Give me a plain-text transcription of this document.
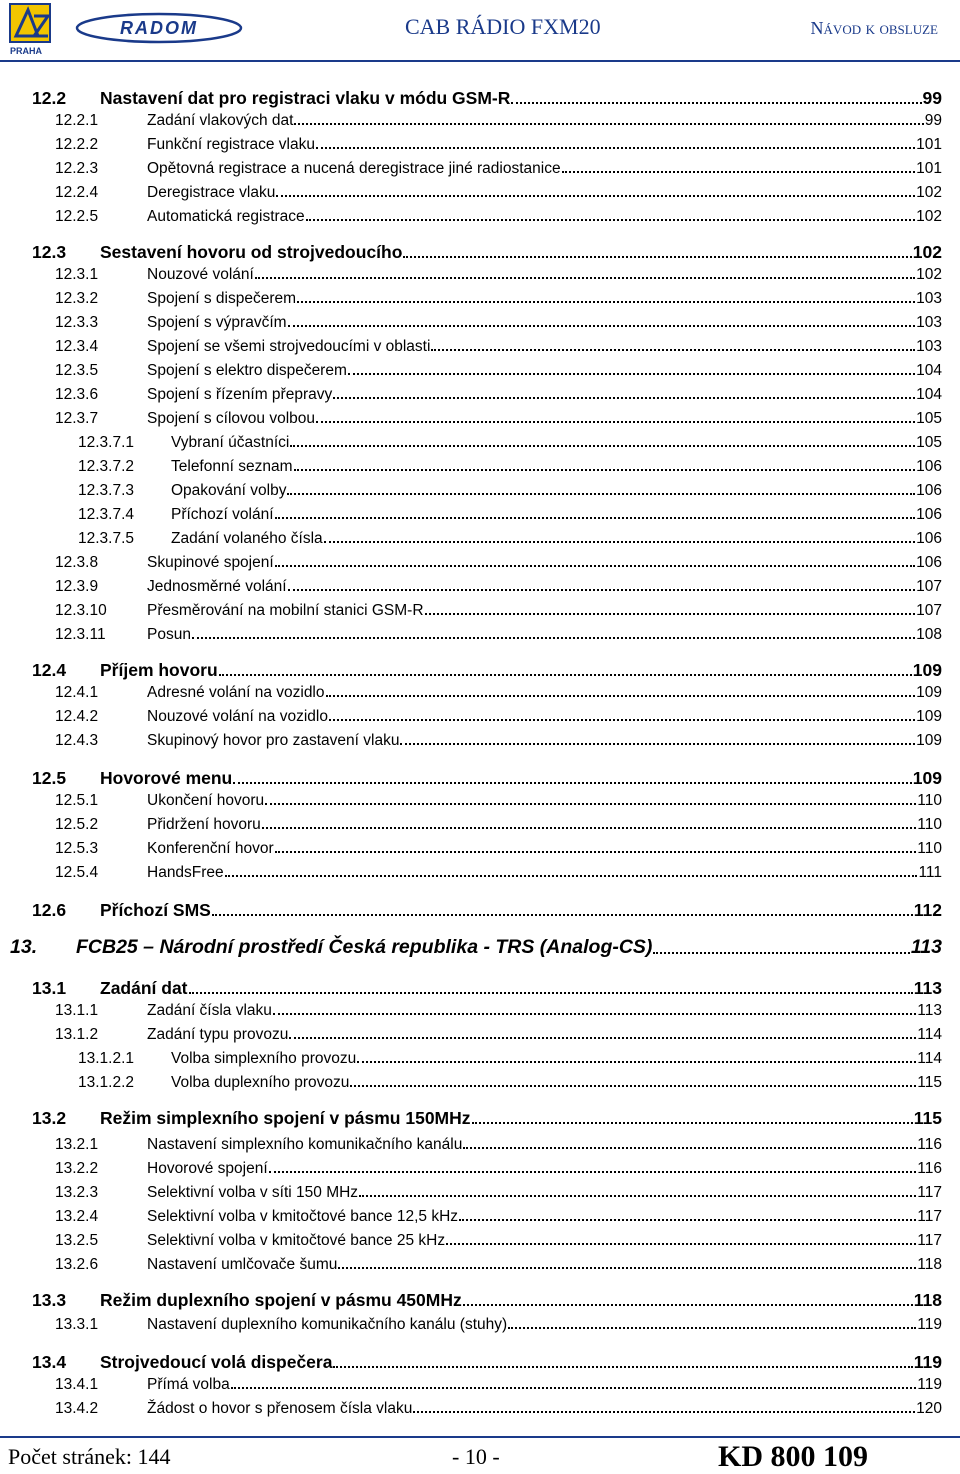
PRAHA
RADOM	CAB RÁDIO FXM20	Návod k obsluze
12.2	Nastavení dat pro registraci vlaku v módu GSM-R	99
12.2.1	Zadání vlakových dat	99
12.2.2	Funkční registrace vlaku	101
12.2.3	Opětovná registrace a nucená deregistrace jiné radiostanice	101
12.2.4	Deregistrace vlaku	102
12.2.5	Automatická registrace	102
12.3	Sestavení hovoru od strojvedoucího	102
12.3.1	Nouzové volání	102
12.3.2	Spojení s dispečerem	103
12.3.3	Spojení s výpravčím	103
12.3.4	Spojení se všemi strojvedoucími v oblasti	103
12.3.5	Spojení s elektro dispečerem	104
12.3.6	Spojení s řízením přepravy	104
12.3.7	Spojení s cílovou volbou	105
12.3.7.1	Vybraní účastníci	105
12.3.7.2	Telefonní seznam	106
12.3.7.3	Opakování volby	106
12.3.7.4	Příchozí volání	106
12.3.7.5	Zadání volaného čísla	106
12.3.8	Skupinové spojení	106
12.3.9	Jednosměrné volání	107
12.3.10	Přesměrování na mobilní stanici GSM-R	107
12.3.11	Posun	108
12.4	Příjem hovoru	109
12.4.1	Adresné volání na vozidlo	109
12.4.2	Nouzové volání na vozidlo	109
12.4.3	Skupinový hovor pro zastavení vlaku	109
12.5	Hovorové menu	109
12.5.1	Ukončení hovoru	110
12.5.2	Přidržení hovoru	110
12.5.3	Konferenční hovor	110
12.5.4	HandsFree	111
12.6	Příchozí SMS	112
13.	FCB25 – Národní prostředí Česká republika - TRS (Analog-CS)	113
13.1	Zadání dat	113
13.1.1	Zadání čísla vlaku	113
13.1.2	Zadání typu provozu	114
13.1.2.1	Volba simplexního provozu	114
13.1.2.2	Volba duplexního provozu	115
13.2	Režim simplexního spojení v pásmu 150MHz	115
13.2.1	Nastavení simplexního komunikačního kanálu	116
13.2.2	Hovorové spojení	116
13.2.3	Selektivní volba v síti 150 MHz	117
13.2.4	Selektivní volba v kmitočtové bance 12,5 kHz	117
13.2.5	Selektivní volba v kmitočtové bance 25 kHz	117
13.2.6	Nastavení umlčovače šumu	118
13.3	Režim duplexního spojení v pásmu 450MHz	118
13.3.1	Nastavení duplexního komunikačního kanálu (stuhy)	119
13.4	Strojvedoucí volá dispečera	119
13.4.1	Přímá volba	119
13.4.2	Žádost o hovor s přenosem čísla vlaku	120
Počet stránek: 144	- 10 -	KD 800 109
